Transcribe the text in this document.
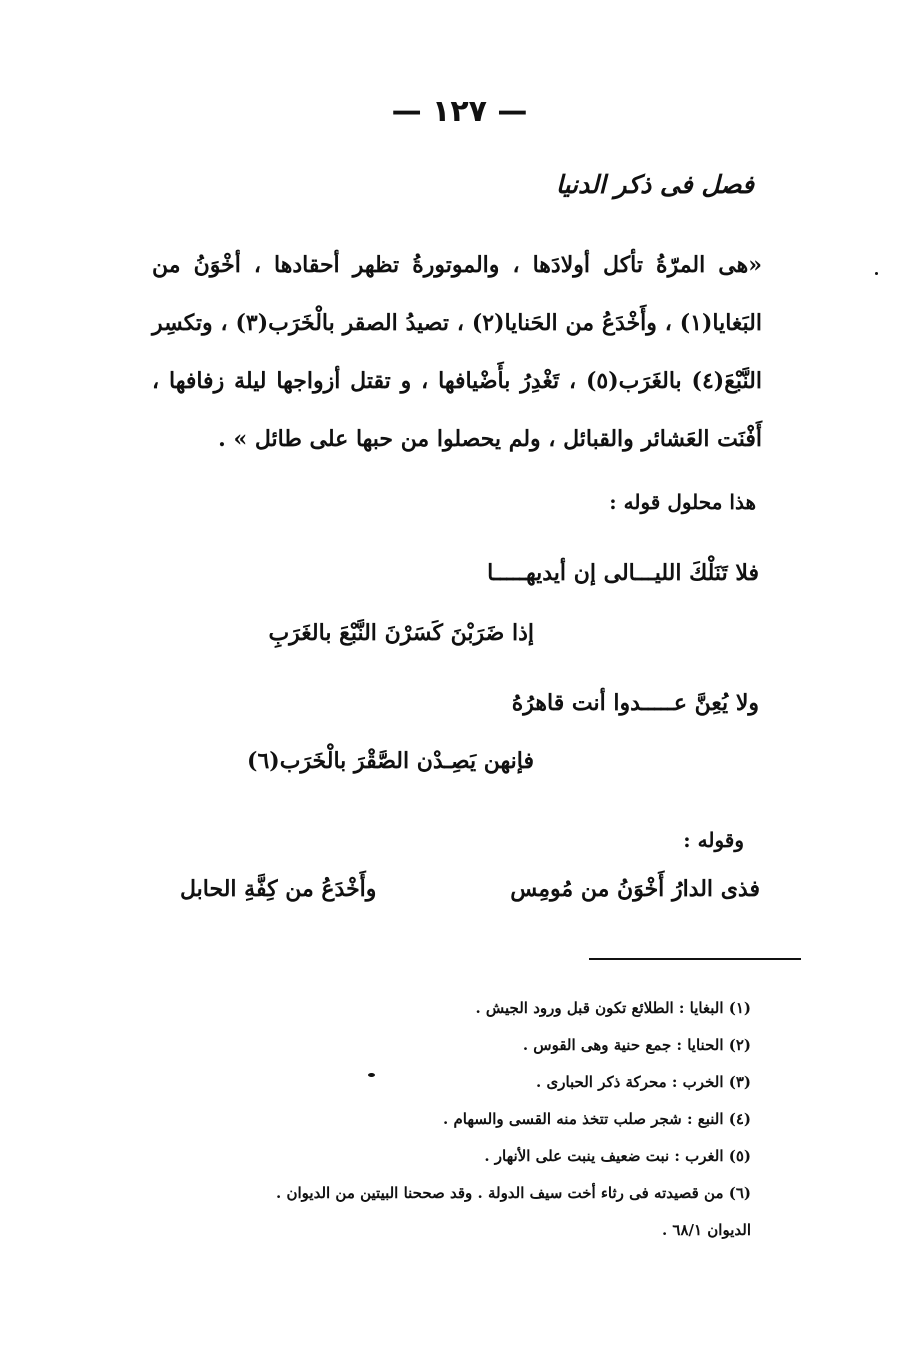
— ١٢٧ —
فصل فى ذكر الدنيا
«هى المرّةُ تأكل أولادَها ، والموتورةُ تظهر أحقادها ، أخْوَنُ من البَغايا(١) ، وأَخْدَعُ من الحَنايا(٢) ، تصيدُ الصقر بالْخَرَب(٣) ، وتكسِر النَّبْعَ(٤) بالغَرَب(٥) ، تَغْدِرُ بأَضْيافها ، و تقتل أزواجها ليلة زفافها ، أَفْنَت العَشائر والقبائل ، ولم يحصلوا من حبها على طائل » .
هذا محلول قوله :
فلا تَنَلْكَ الليـــالى إن أيديهـــــا
إذا ضَرَبْنَ كَسَرْنَ النَّبْعَ بالغَرَبِ
ولا يُعِنَّ عـــــدوا أنت قاهرُهُ
فإنهن يَصِـدْن الصَّقْرَ بالْخَرَب(٦)
وقوله :
فذى الدارُ أَخْوَنُ من مُومِس
وأَخْدَعُ من كِفَّةِ الحابل
(١) البغايا : الطلائع تكون قبل ورود الجيش .
(٢) الحنايا : جمع حنية وهى القوس .
(٣) الخرب : محركة ذكر الحبارى .
(٤) النبع : شجر صلب تتخذ منه القسى والسهام .
(٥) الغرب : نبت ضعيف ينبت على الأنهار .
(٦) من قصيدته فى رثاء أخت سيف الدولة . وقد صححنا البيتين من الديوان .
الديوان ٦٨/١ .
